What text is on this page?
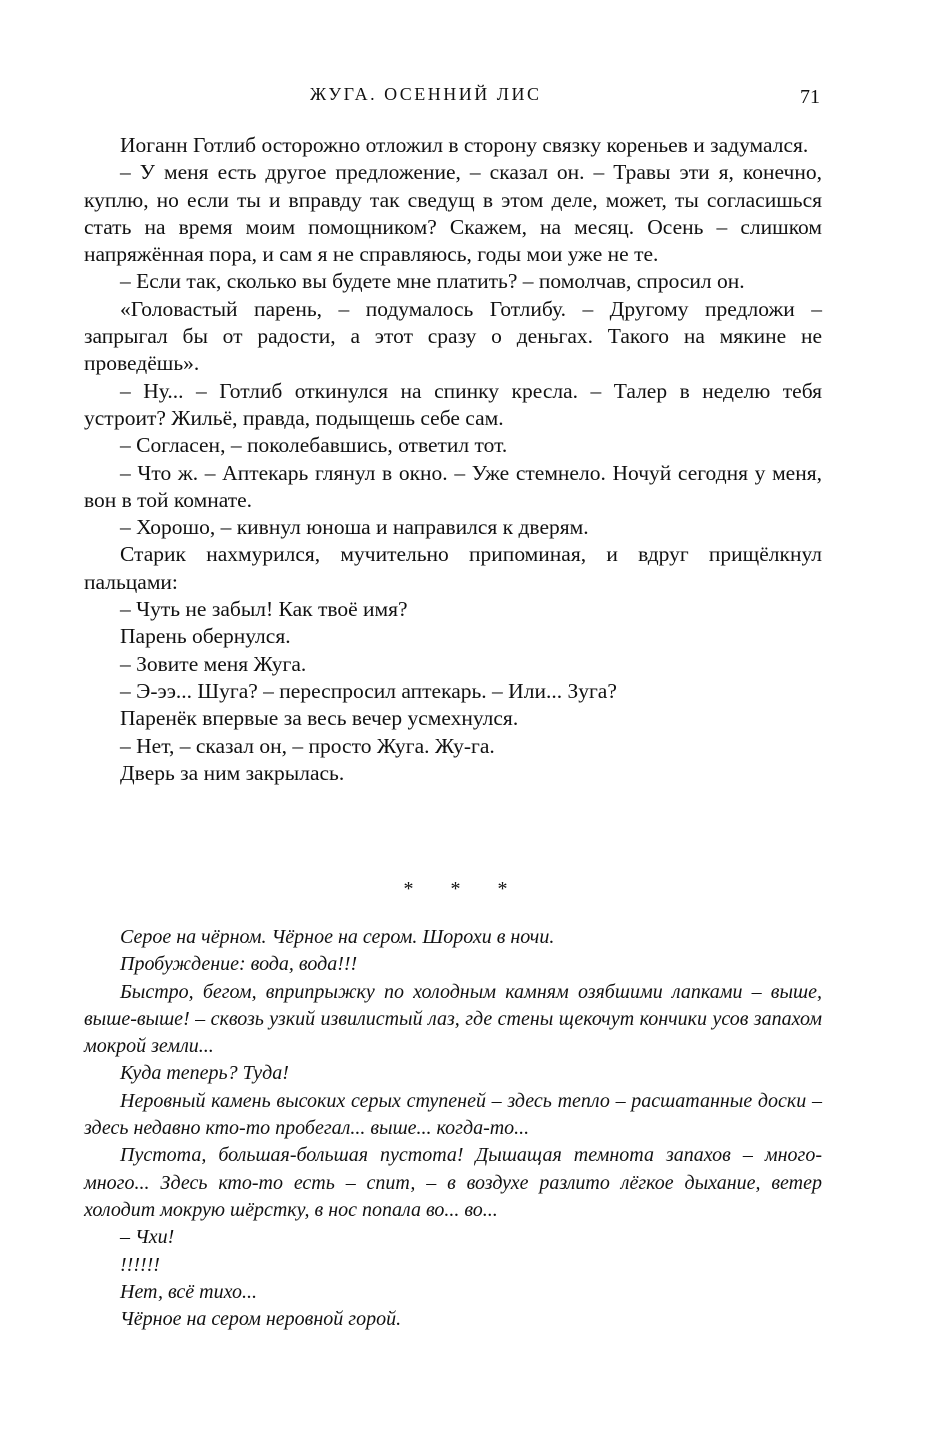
ЖУГА. ОСЕННИЙ ЛИС	71

Иоганн Готлиб осторожно отложил в сторону связку кореньев и задумался.

– У меня есть другое предложение, – сказал он. – Травы эти я, конечно, куплю, но если ты и вправду так сведущ в этом деле, может, ты согласишься стать на время моим помощником? Скажем, на месяц. Осень – слишком напряжённая пора, и сам я не справляюсь, годы мои уже не те.

– Если так, сколько вы будете мне платить? – помолчав, спросил он.

«Головастый парень, – подумалось Готлибу. – Другому предложи – запрыгал бы от радости, а этот сразу о деньгах. Такого на мякине не проведёшь».

– Ну... – Готлиб откинулся на спинку кресла. – Талер в неделю тебя устроит? Жильё, правда, подыщешь себе сам.

– Согласен, – поколебавшись, ответил тот.

– Что ж. – Аптекарь глянул в окно. – Уже стемнело. Ночуй сегодня у меня, вон в той комнате.

– Хорошо, – кивнул юноша и направился к дверям.

Старик нахмурился, мучительно припоминая, и вдруг прищёлкнул пальцами:

– Чуть не забыл! Как твоё имя?

Парень обернулся.

– Зовите меня Жуга.

– Э-ээ... Шуга? – переспросил аптекарь. – Или... Зуга?

Паренёк впервые за весь вечер усмехнулся.

– Нет, – сказал он, – просто Жуга. Жу-га.

Дверь за ним закрылась.

* * *

Серое на чёрном. Чёрное на сером. Шорохи в ночи.

Пробуждение: вода, вода!!!

Быстро, бегом, вприпрыжку по холодным камням озябшими лапками – выше, выше-выше! – сквозь узкий извилистый лаз, где стены щекочут кончики усов запахом мокрой земли...

Куда теперь? Туда!

Неровный камень высоких серых ступеней – здесь тепло – расшатанные доски – здесь недавно кто-то пробегал... выше... когда-то...

Пустота, большая-большая пустота! Дышащая темнота запахов – много-много... Здесь кто-то есть – спит, – в воздухе разлито лёгкое дыхание, ветер холодит мокрую шёрстку, в нос попала во... во...

– Чхи!

!!!!!!

Нет, всё тихо...

Чёрное на сером неровной горой.
